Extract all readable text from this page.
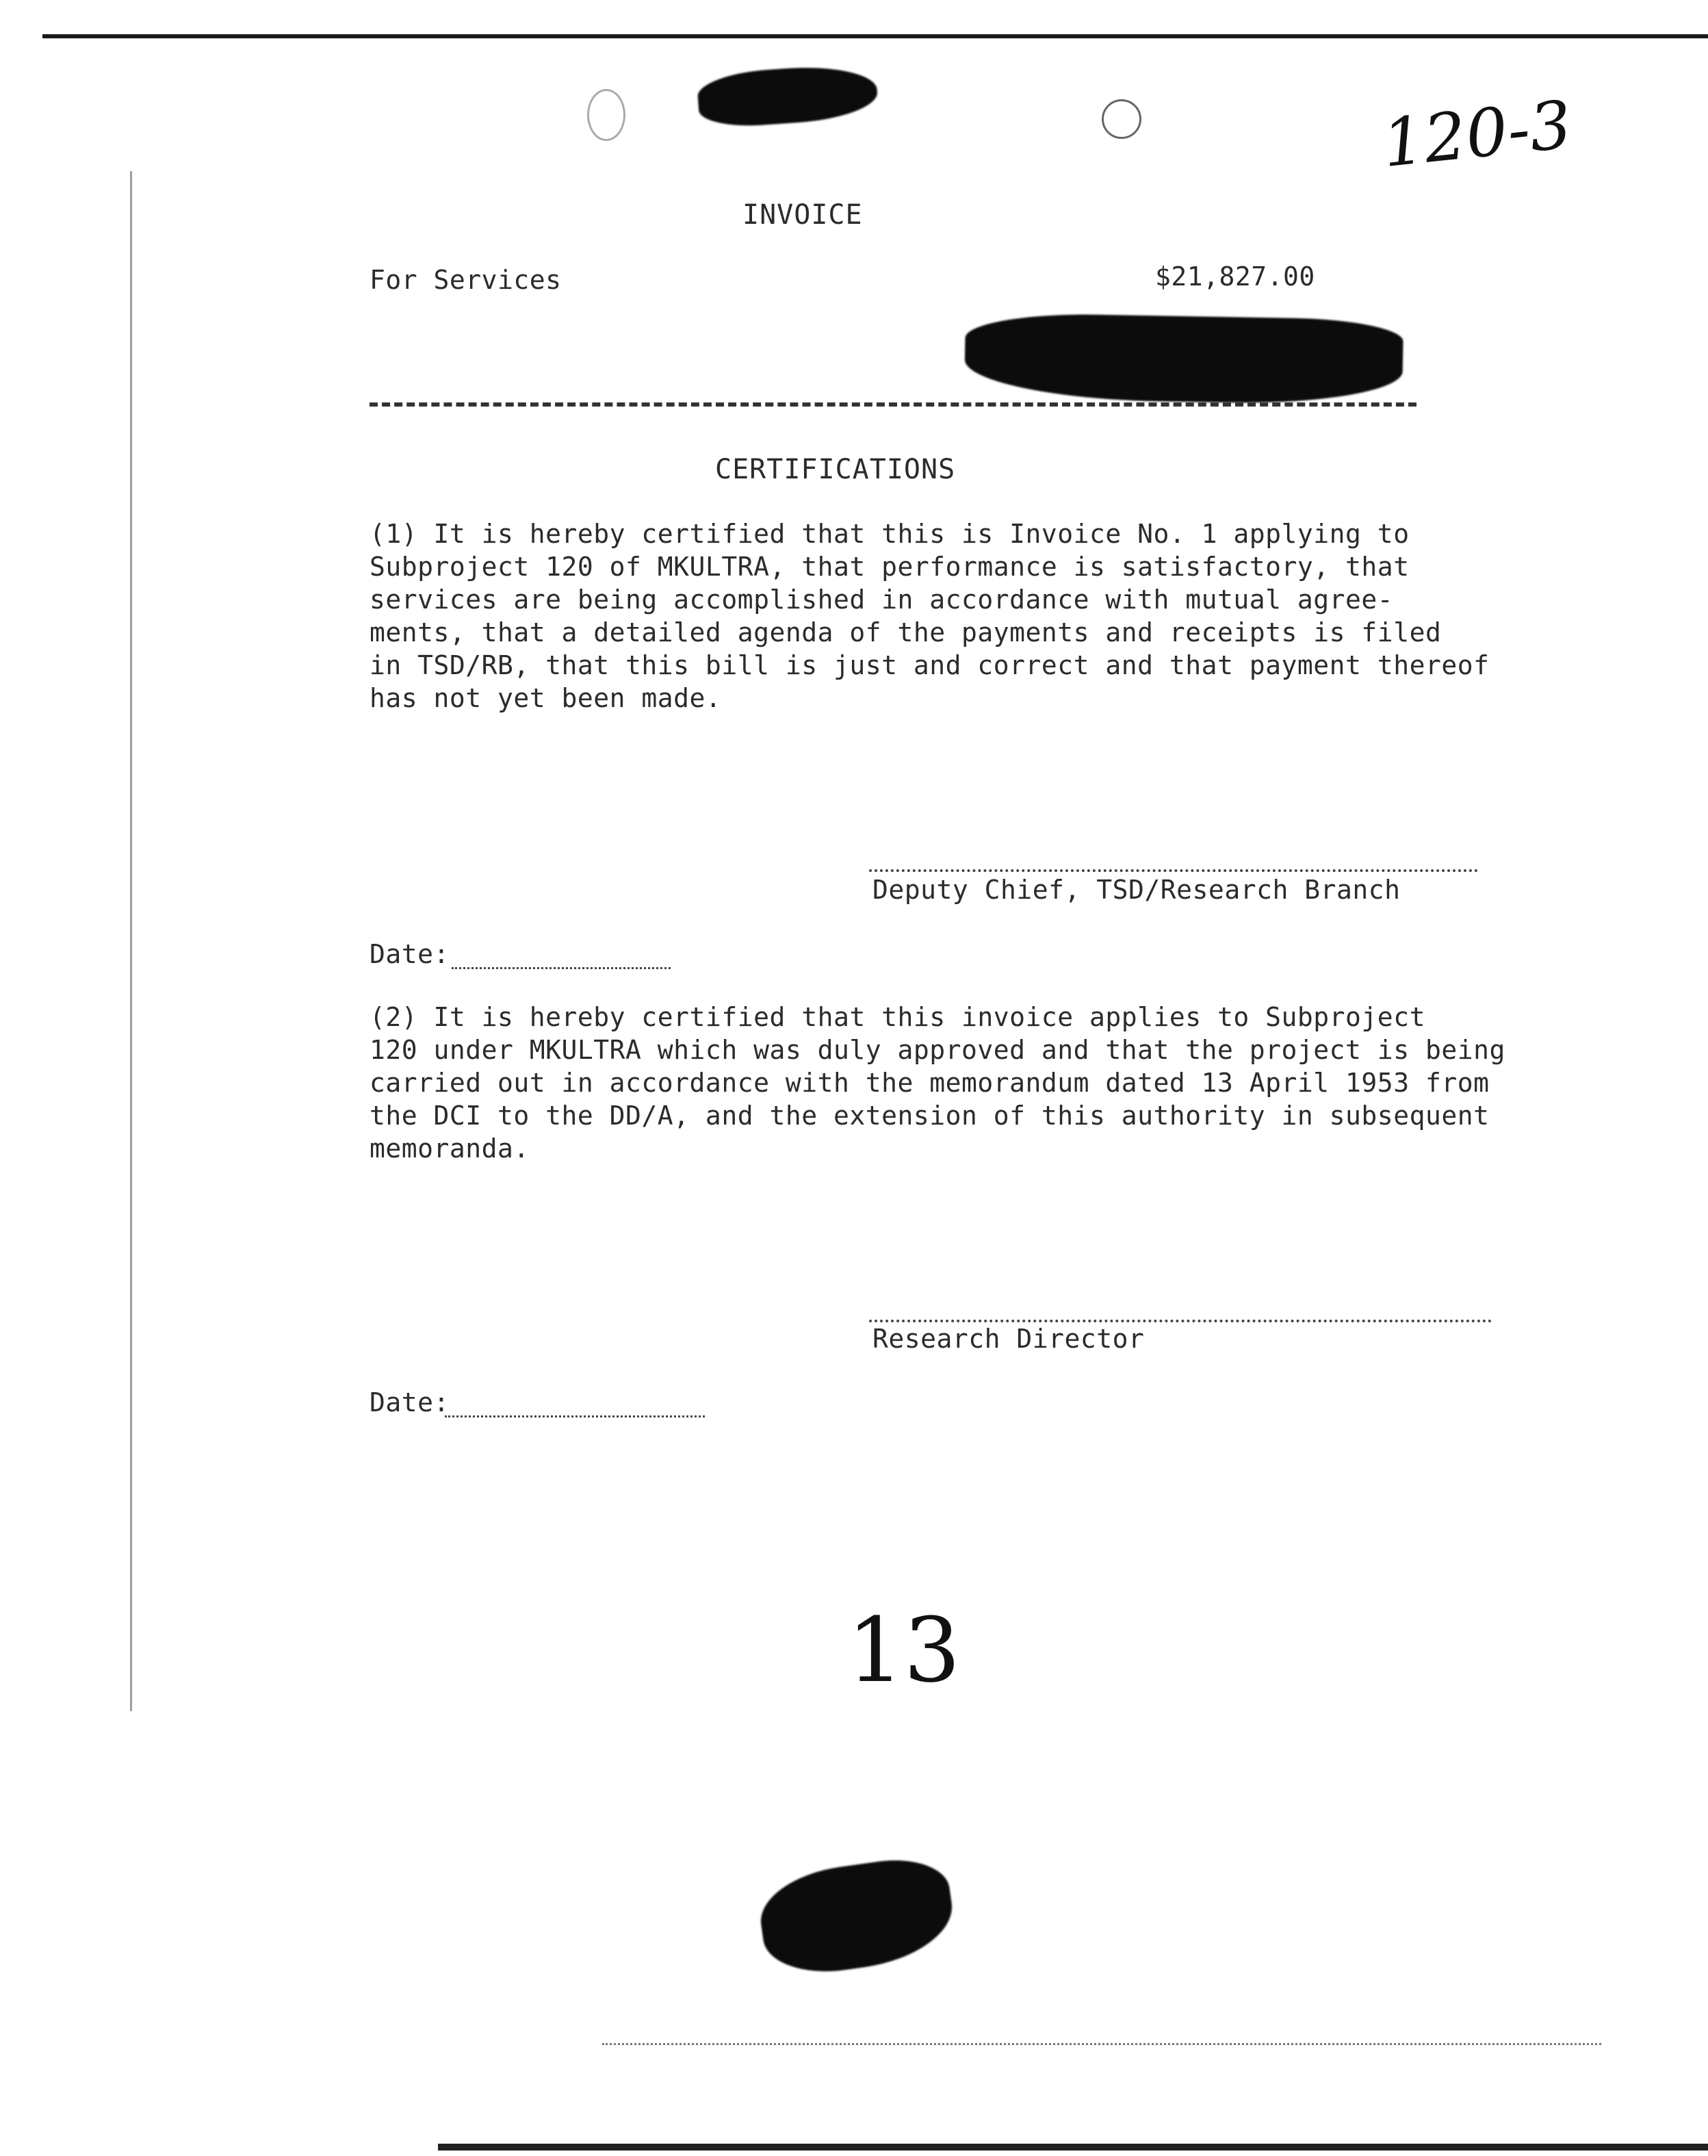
120-3
INVOICE
For Services	$21,827.00
CERTIFICATIONS
(1) It is hereby certified that this is Invoice No. 1 applying to
Subproject 120 of MKULTRA, that performance is satisfactory, that
services are being accomplished in accordance with mutual agree-
ments, that a detailed agenda of the payments and receipts is filed
in TSD/RB, that this bill is just and correct and that payment thereof
has not yet been made.
Deputy Chief, TSD/Research Branch
Date:
(2) It is hereby certified that this invoice applies to Subproject
120 under MKULTRA which was duly approved and that the project is being
carried out in accordance with the memorandum dated 13 April 1953 from
the DCI to the DD/A, and the extension of this authority in subsequent
memoranda.
Research Director
Date:
13
